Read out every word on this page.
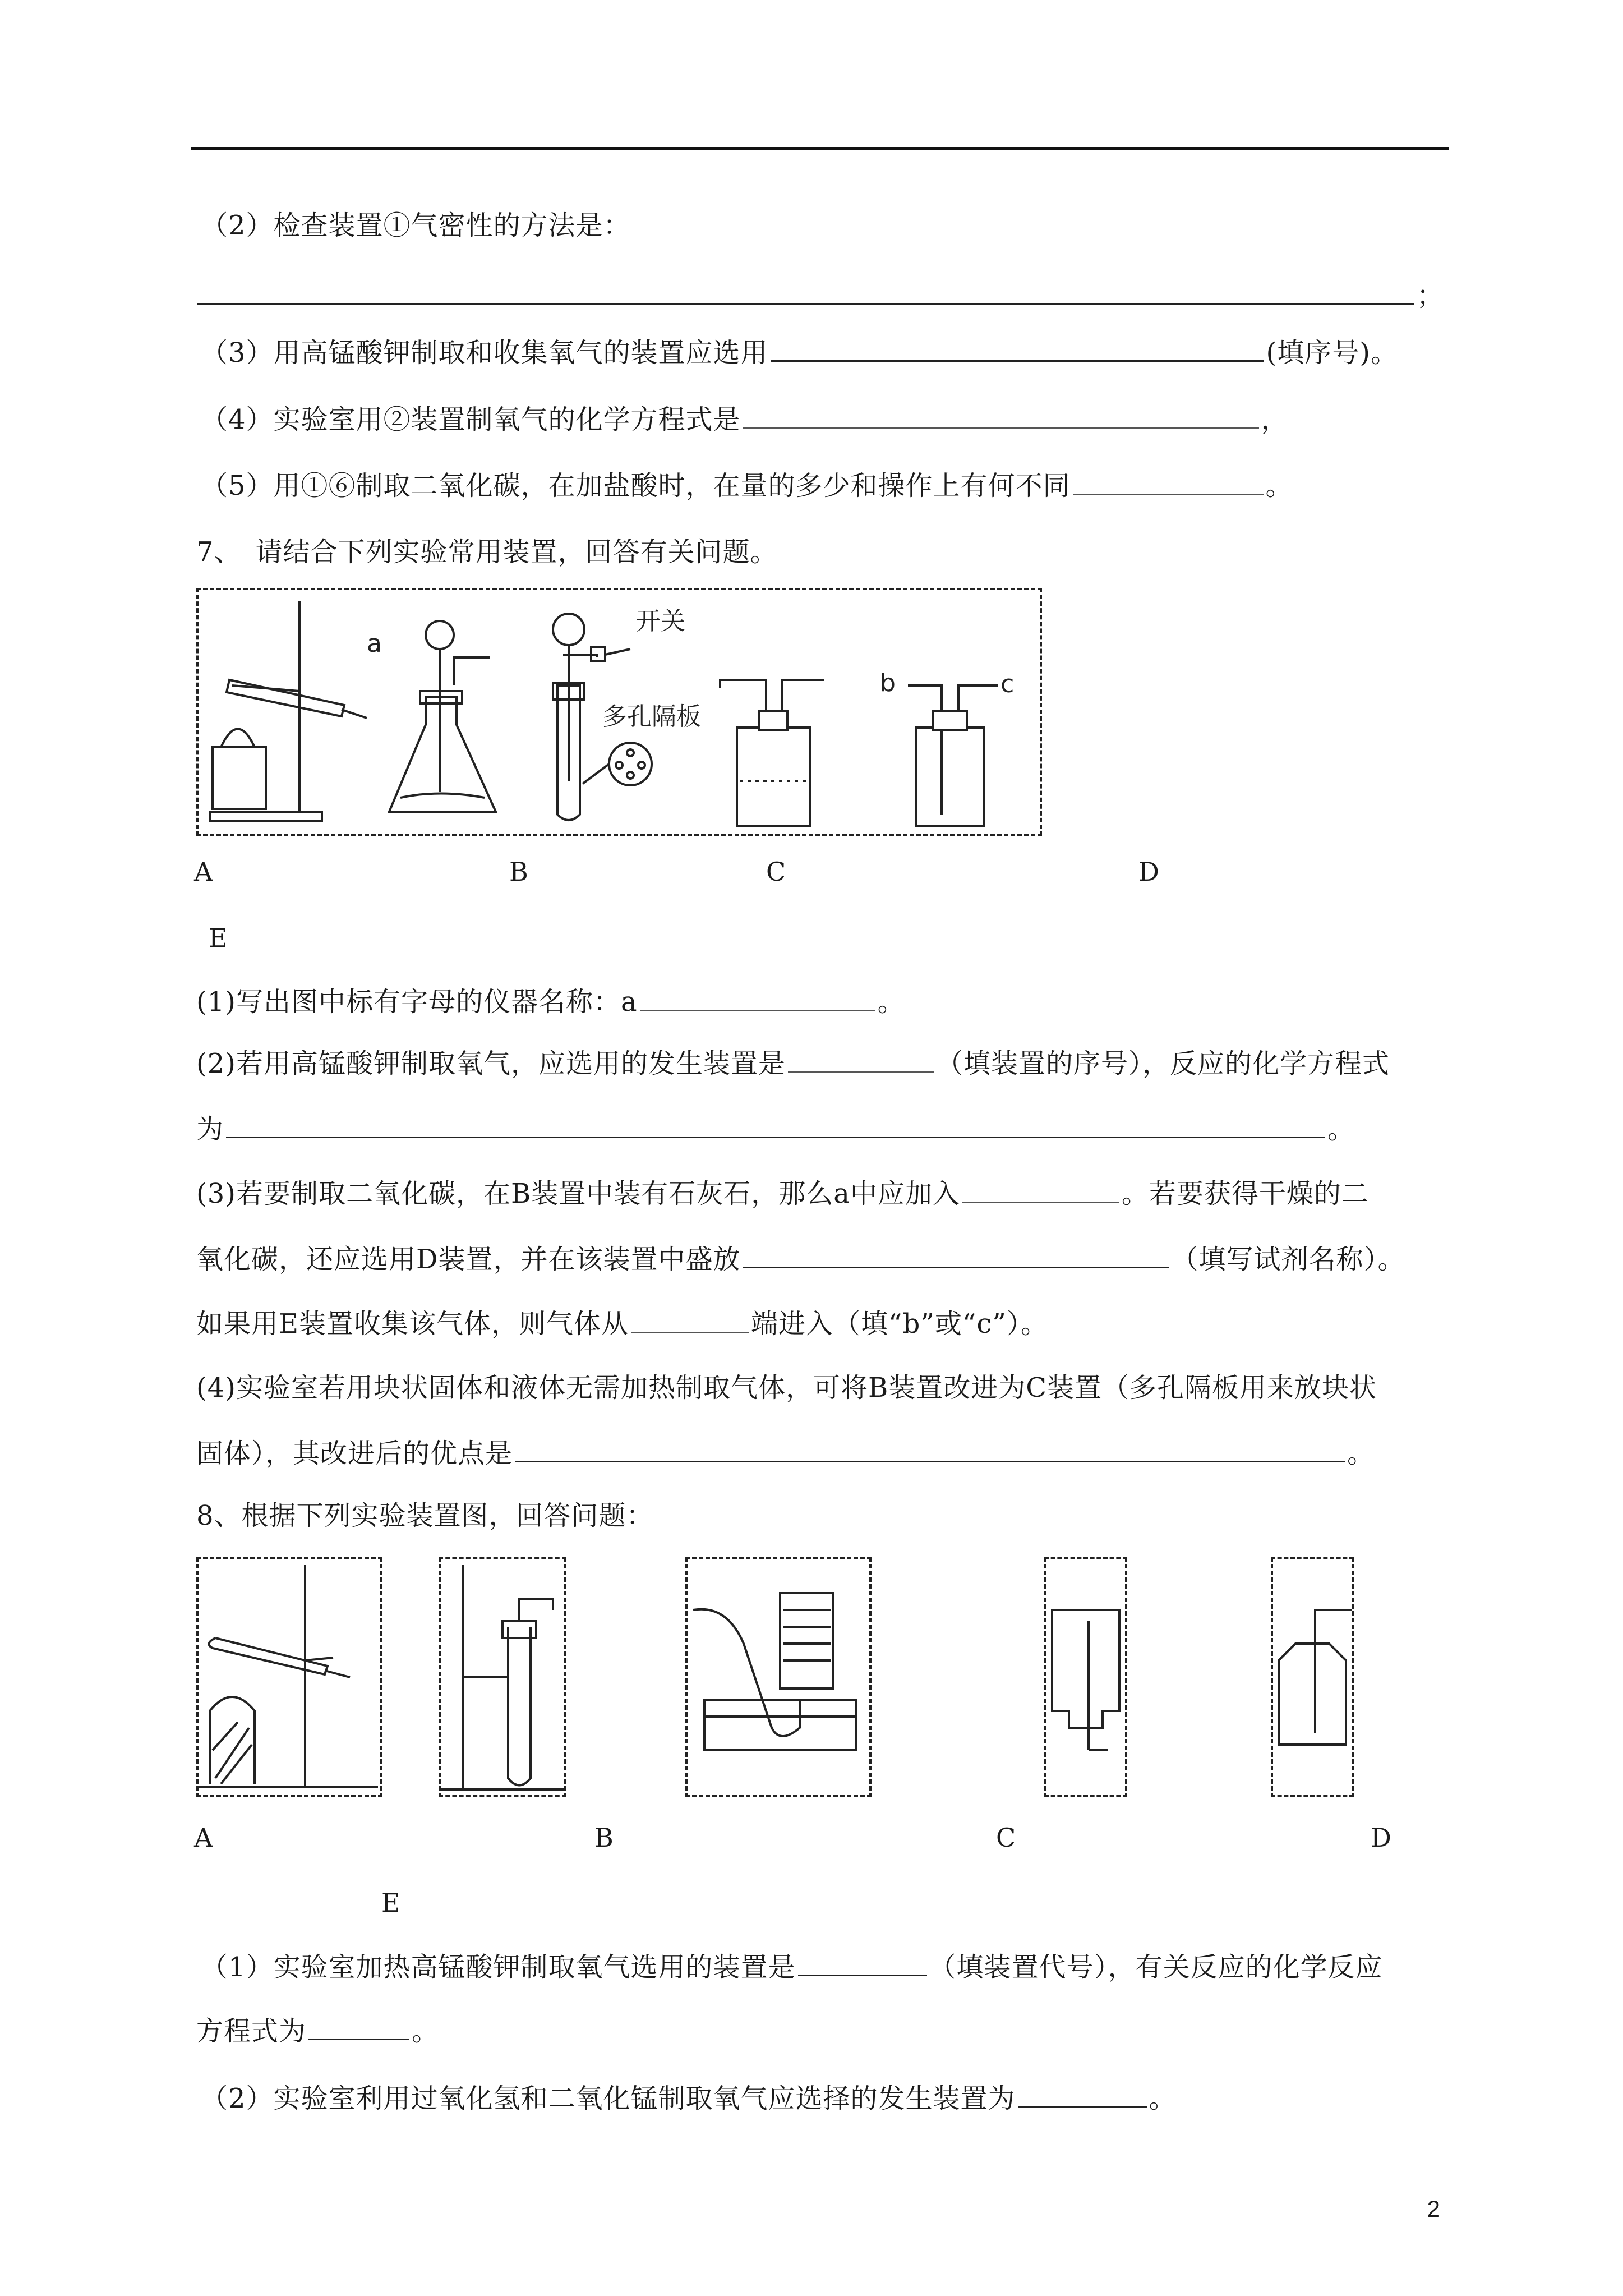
（2）检查装置①气密性的方法是：
；
（3）用高锰酸钾制取和收集氧气的装置应选用	(填序号)。
（4）实验室用②装置制氧气的化学方程式是	，
（5）用①⑥制取二氧化碳，在加盐酸时，在量的多少和操作上有何不同	。
7、　请结合下列实验常用装置，回答有关问题。
a
开关
多孔隔板
b	c
A	B	C	D
E
(1)写出图中标有字母的仪器名称：a	。
(2)若用高锰酸钾制取氧气，应选用的发生装置是	（填装置的序号），反应的化学方程式
为	。
(3)若要制取二氧化碳，在B装置中装有石灰石，那么a中应加入	。若要获得干燥的二
氧化碳，还应选用D装置，并在该装置中盛放	（填写试剂名称）。
如果用E装置收集该气体，则气体从	端进入（填“b”或“c”）。
(4)实验室若用块状固体和液体无需加热制取气体，可将B装置改进为C装置（多孔隔板用来放块状
固体），其改进后的优点是	。
8、根据下列实验装置图，回答问题：
A	B	C	D
E
（1）实验室加热高锰酸钾制取氧气选用的装置是	（填装置代号），有关反应的化学反应
方程式为	。
（2）实验室利用过氧化氢和二氧化锰制取氧气应选择的发生装置为	。
2
